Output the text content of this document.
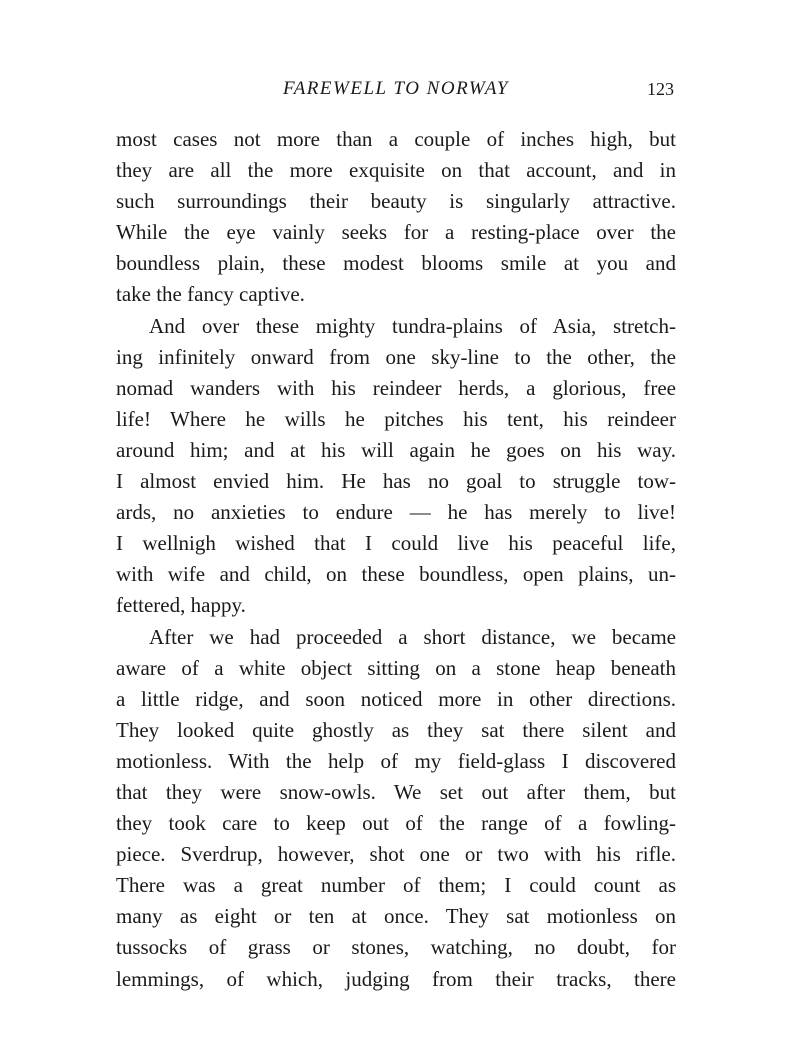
FAREWELL TO NORWAY	123
most cases not more than a couple of inches high, but
they are all the more exquisite on that account, and in
such surroundings their beauty is singularly attractive.
While the eye vainly seeks for a resting-place over the
boundless plain, these modest blooms smile at you and
take the fancy captive.
And over these mighty tundra-plains of Asia, stretch-
ing infinitely onward from one sky-line to the other, the
nomad wanders with his reindeer herds, a glorious, free
life! Where he wills he pitches his tent, his reindeer
around him; and at his will again he goes on his way.
I almost envied him. He has no goal to struggle tow-
ards, no anxieties to endure — he has merely to live!
I wellnigh wished that I could live his peaceful life,
with wife and child, on these boundless, open plains, un-
fettered, happy.
After we had proceeded a short distance, we became
aware of a white object sitting on a stone heap beneath
a little ridge, and soon noticed more in other directions.
They looked quite ghostly as they sat there silent and
motionless. With the help of my field-glass I discovered
that they were snow-owls. We set out after them, but
they took care to keep out of the range of a fowling-
piece. Sverdrup, however, shot one or two with his rifle.
There was a great number of them; I could count as
many as eight or ten at once. They sat motionless on
tussocks of grass or stones, watching, no doubt, for
lemmings, of which, judging from their tracks, there
